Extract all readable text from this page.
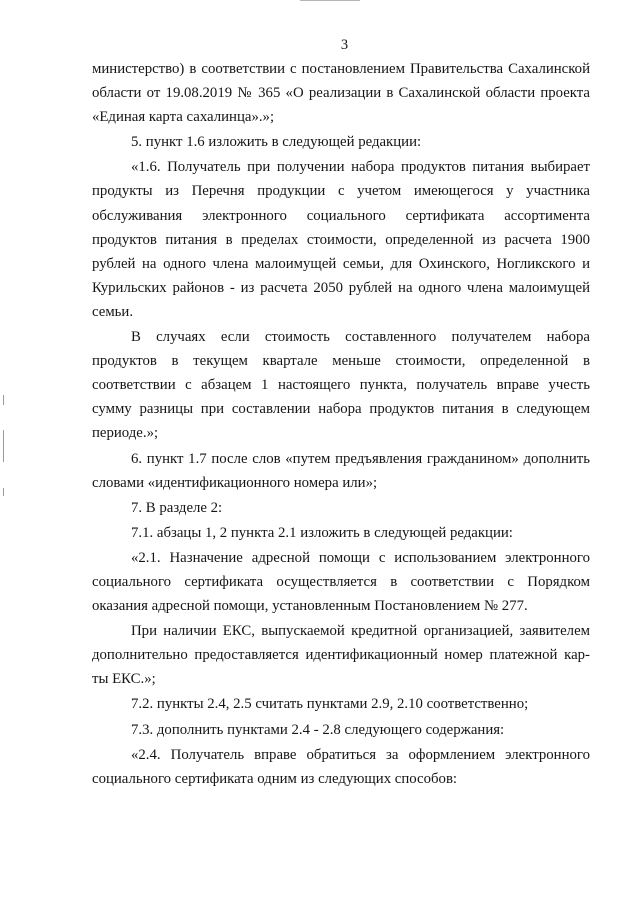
3

министерство) в соответствии с постановлением Правительства Сахалинской
области от 19.08.2019 № 365 «О реализации в Сахалинской области проекта
«Единая карта сахалинца».»;

5. пункт 1.6 изложить в следующей редакции:

«1.6. Получатель при получении набора продуктов питания выбирает
продукты из Перечня продукции с учетом имеющегося у участника
обслуживания электронного социального сертификата ассортимента
продуктов питания в пределах стоимости, определенной из расчета 1900
рублей на одного члена малоимущей семьи, для Охинского, Ногликского и
Курильских районов - из расчета 2050 рублей на одного члена малоимущей
семьи.

В случаях если стоимость составленного получателем набора
продуктов в текущем квартале меньше стоимости, определенной в
соответствии с абзацем 1 настоящего пункта, получатель вправе учесть
сумму разницы при составлении набора продуктов питания в следующем
периоде.»;

6. пункт 1.7 после слов «путем предъявления гражданином» дополнить
словами «идентификационного номера или»;

7. В разделе 2:

7.1. абзацы 1, 2 пункта 2.1 изложить в следующей редакции:

«2.1. Назначение адресной помощи с использованием электронного
социального сертификата осуществляется в соответствии с Порядком
оказания адресной помощи, установленным Постановлением № 277.

При наличии ЕКС, выпускаемой кредитной организацией, заявителем
дополнительно предоставляется идентификационный номер платежной кар-
ты ЕКС.»;

7.2. пункты 2.4, 2.5 считать пунктами 2.9, 2.10 соответственно;

7.3. дополнить пунктами 2.4 - 2.8 следующего содержания:

«2.4. Получатель вправе обратиться за оформлением электронного
социального сертификата одним из следующих способов:
